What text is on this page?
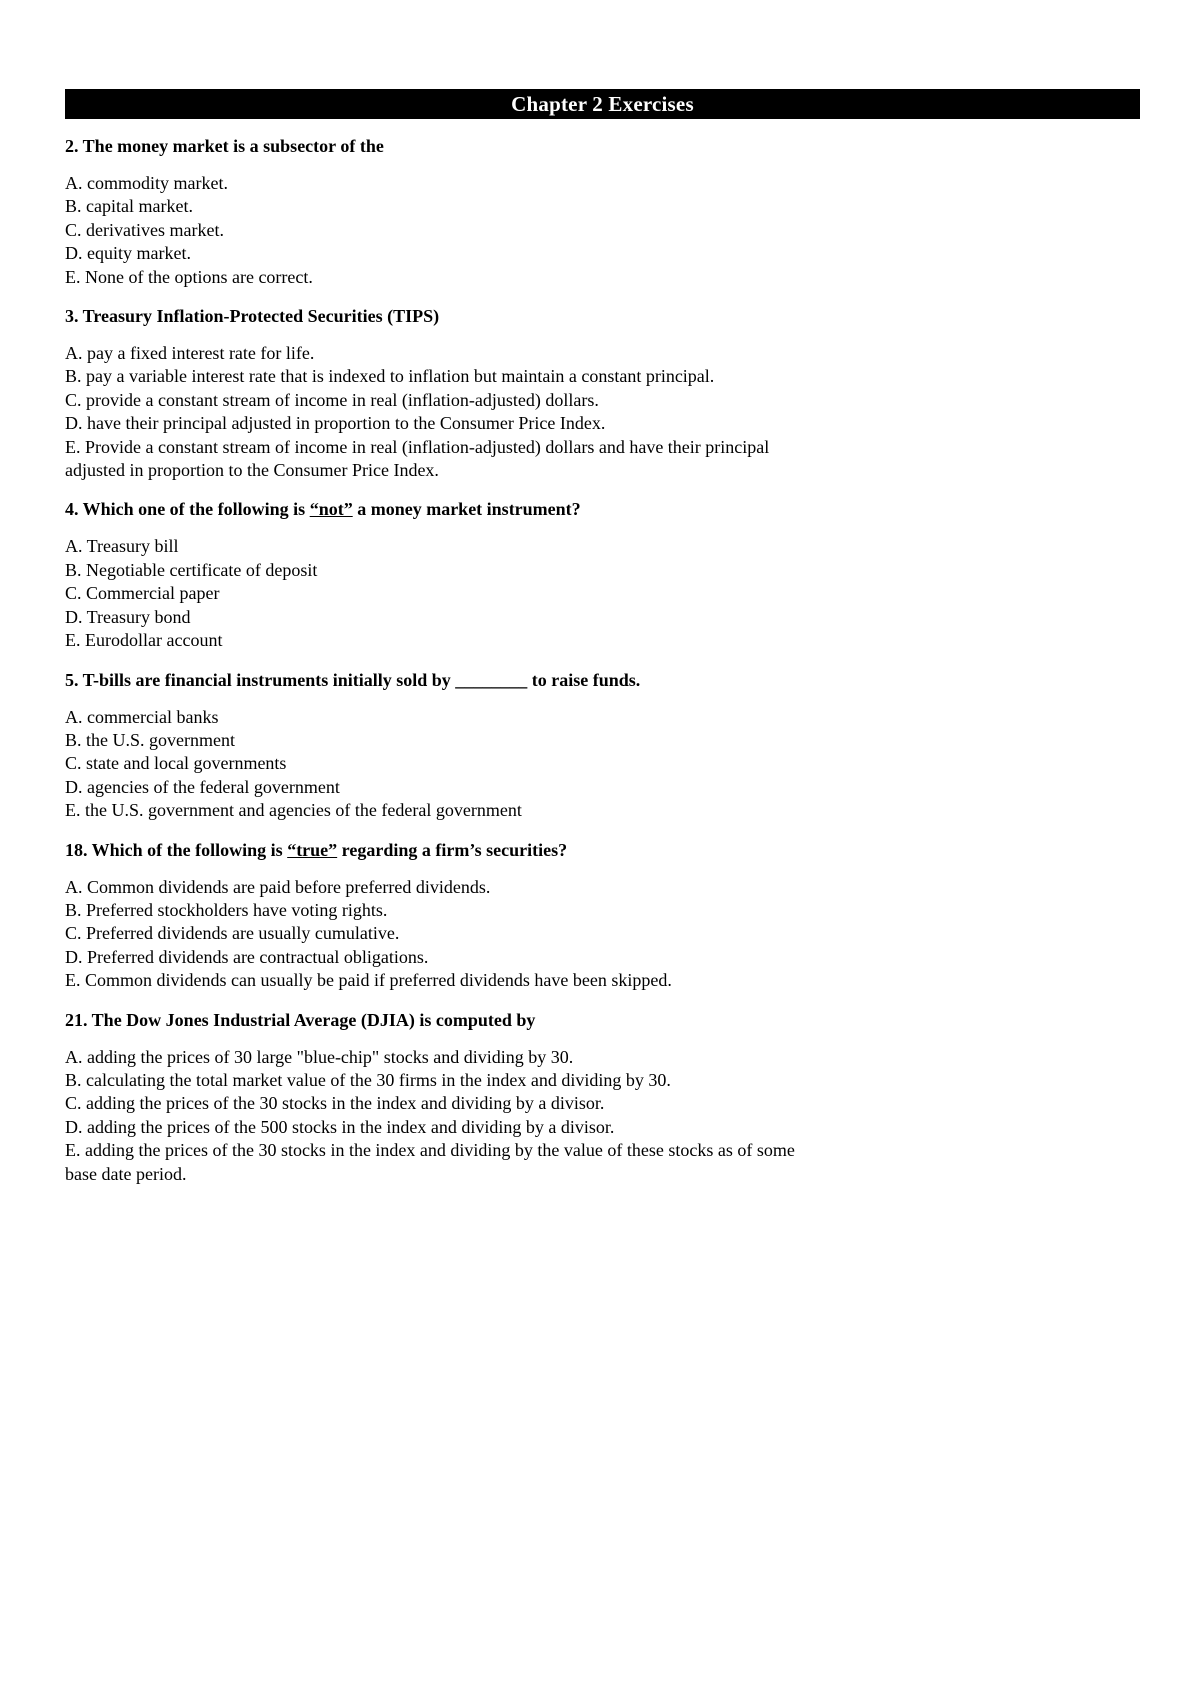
Chapter 2 Exercises

2. The money market is a subsector of the

A. commodity market.

B. capital market.

C. derivatives market.

D. equity market.

E. None of the options are correct.

3. Treasury Inflation-Protected Securities (TIPS)

A. pay a fixed interest rate for life.

B. pay a variable interest rate that is indexed to inflation but maintain a constant principal.

C. provide a constant stream of income in real (inflation-adjusted) dollars.

D. have their principal adjusted in proportion to the Consumer Price Index.

E. Provide a constant stream of income in real (inflation-adjusted) dollars and have their principal adjusted in proportion to the Consumer Price Index.

4. Which one of the following is “not” a money market instrument?

A. Treasury bill

B. Negotiable certificate of deposit

C. Commercial paper

D. Treasury bond

E. Eurodollar account

5. T-bills are financial instruments initially sold by ________ to raise funds.

A. commercial banks

B. the U.S. government

C. state and local governments

D. agencies of the federal government

E. the U.S. government and agencies of the federal government

18. Which of the following is “true” regarding a firm’s securities?

A. Common dividends are paid before preferred dividends.

B. Preferred stockholders have voting rights.

C. Preferred dividends are usually cumulative.

D. Preferred dividends are contractual obligations.

E. Common dividends can usually be paid if preferred dividends have been skipped.

21. The Dow Jones Industrial Average (DJIA) is computed by

A. adding the prices of 30 large "blue-chip" stocks and dividing by 30.

B. calculating the total market value of the 30 firms in the index and dividing by 30.

C. adding the prices of the 30 stocks in the index and dividing by a divisor.

D. adding the prices of the 500 stocks in the index and dividing by a divisor.

E. adding the prices of the 30 stocks in the index and dividing by the value of these stocks as of some base date period.
